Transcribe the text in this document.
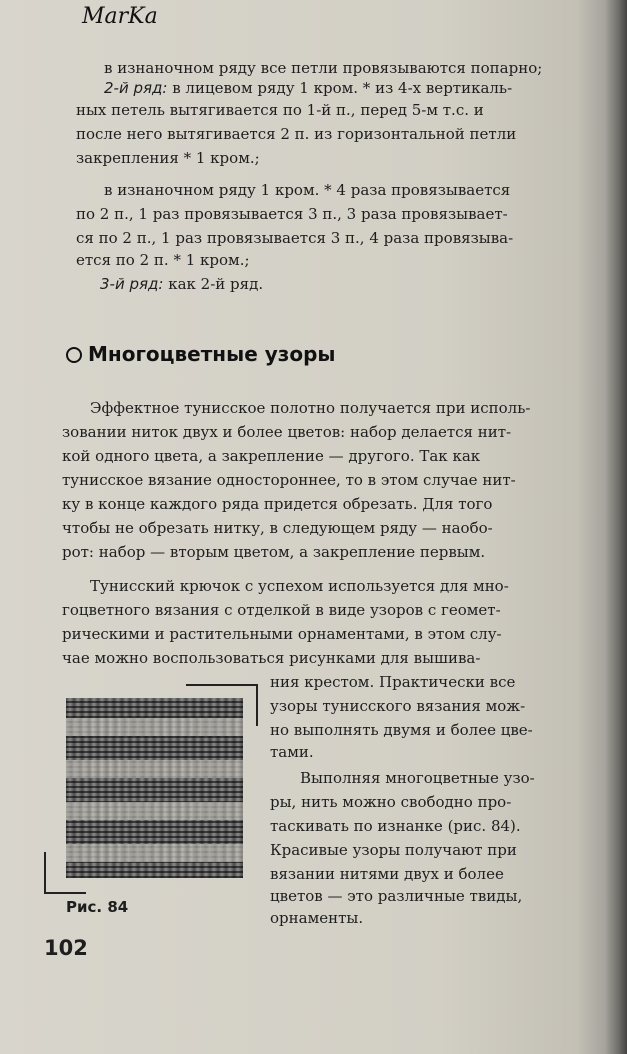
MarKa
в изнаночном ряду все петли провязываются попарно;
2-й ряд: в лицевом ряду 1 кром. * из 4-х вертикаль-
ных петель вытягивается по 1-й п., перед 5-м т.с. и
после него вытягивается 2 п. из горизонтальной петли
закрепления * 1 кром.;
в изнаночном ряду 1 кром. * 4 раза провязывается
по 2 п., 1 раз провязывается 3 п., 3 раза провязывает-
ся по 2 п., 1 раз провязывается 3 п., 4 раза провязыва-
ется по 2 п. * 1 кром.;
3-й ряд: как 2-й ряд.
Многоцветные узоры
Эффектное тунисское полотно получается при исполь-
зовании ниток двух и более цветов: набор делается нит-
кой одного цвета, а закрепление — другого. Так как
тунисское вязание одностороннее, то в этом случае нит-
ку в конце каждого ряда придется обрезать. Для того
чтобы не обрезать нитку, в следующем ряду — наобо-
рот: набор — вторым цветом, а закрепление первым.
Тунисский крючок с успехом используется для мно-
гоцветного вязания с отделкой в виде узоров с геомет-
рическими и растительными орнаментами, в этом слу-
чае можно воспользоваться рисунками для вышива-
Рис. 84
ния крестом. Практически все
узоры тунисского вязания мож-
но выполнять двумя и более цве-
тами.
Выполняя многоцветные узо-
ры, нить можно свободно про-
таскивать по изнанке (рис. 84).
Красивые узоры получают при
вязании нитями двух и более
цветов — это различные твиды,
орнаменты.
102
